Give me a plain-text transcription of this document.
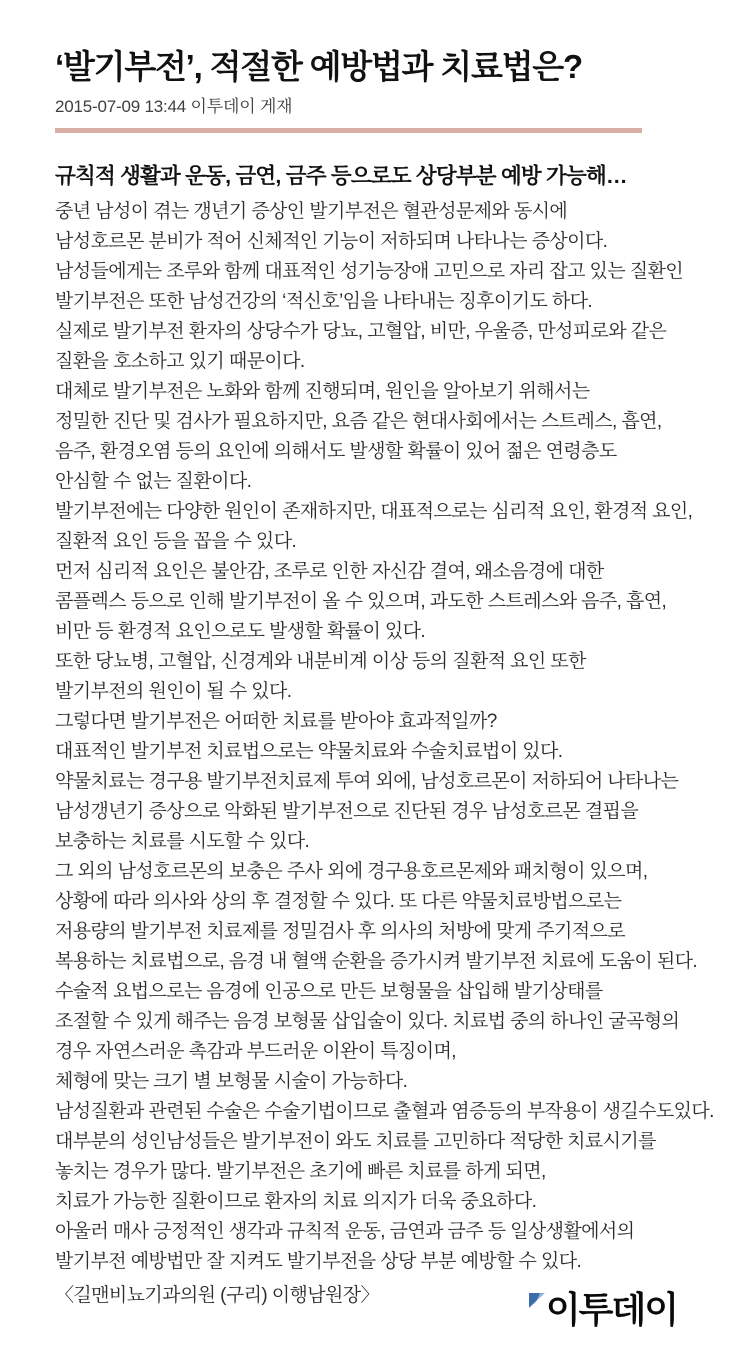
‘발기부전’, 적절한 예방법과 치료법은?
2015-07-09 13:44 이투데이 게재
규칙적 생활과 운동, 금연, 금주 등으로도 상당부분 예방 가능해…
중년 남성이 겪는 갱년기 증상인 발기부전은 혈관성문제와 동시에
남성호르몬 분비가 적어 신체적인 기능이 저하되며 나타나는 증상이다.
남성들에게는 조루와 함께 대표적인 성기능장애 고민으로 자리 잡고 있는 질환인
발기부전은 또한 남성건강의 ‘적신호’임을 나타내는 징후이기도 하다.
실제로 발기부전 환자의 상당수가 당뇨, 고혈압, 비만, 우울증, 만성피로와 같은
질환을 호소하고 있기 때문이다.
대체로 발기부전은 노화와 함께 진행되며, 원인을 알아보기 위해서는
정밀한 진단 및 검사가 필요하지만, 요즘 같은 현대사회에서는 스트레스, 흡연,
음주, 환경오염 등의 요인에 의해서도 발생할 확률이 있어 젊은 연령층도
안심할 수 없는 질환이다.
발기부전에는 다양한 원인이 존재하지만, 대표적으로는 심리적 요인, 환경적 요인,
질환적 요인 등을 꼽을 수 있다.
먼저 심리적 요인은 불안감, 조루로 인한 자신감 결여, 왜소음경에 대한
콤플렉스 등으로 인해 발기부전이 올 수 있으며, 과도한 스트레스와 음주, 흡연,
비만 등 환경적 요인으로도 발생할 확률이 있다.
또한 당뇨병, 고혈압, 신경계와 내분비계 이상 등의 질환적 요인 또한
발기부전의 원인이 될 수 있다.
그렇다면 발기부전은 어떠한 치료를 받아야 효과적일까?
대표적인 발기부전 치료법으로는 약물치료와 수술치료법이 있다.
약물치료는 경구용 발기부전치료제 투여 외에, 남성호르몬이 저하되어 나타나는
남성갱년기 증상으로 악화된 발기부전으로 진단된 경우 남성호르몬 결핍을
보충하는 치료를 시도할 수 있다.
그 외의 남성호르몬의 보충은 주사 외에 경구용호르몬제와 패치형이 있으며,
상황에 따라 의사와 상의 후 결정할 수 있다. 또 다른 약물치료방법으로는
저용량의 발기부전 치료제를 정밀검사 후 의사의 처방에 맞게 주기적으로
복용하는 치료법으로, 음경 내 혈액 순환을 증가시켜 발기부전 치료에 도움이 된다.
수술적 요법으로는 음경에 인공으로 만든 보형물을 삽입해 발기상태를
조절할 수 있게 해주는 음경 보형물 삽입술이 있다. 치료법 중의 하나인 굴곡형의
경우 자연스러운 촉감과 부드러운 이완이 특징이며,
체형에 맞는 크기 별 보형물 시술이 가능하다.
남성질환과 관련된 수술은 수술기법이므로 출혈과 염증등의 부작용이 생길수도있다.
대부분의 성인남성들은 발기부전이 와도 치료를 고민하다 적당한 치료시기를
놓치는 경우가 많다. 발기부전은 초기에 빠른 치료를 하게 되면,
치료가 가능한 질환이므로 환자의 치료 의지가 더욱 중요하다.
아울러 매사 긍정적인 생각과 규칙적 운동, 금연과 금주 등 일상생활에서의
발기부전 예방법만 잘 지켜도 발기부전을 상당 부분 예방할 수 있다.
〈길맨비뇨기과의원 (구리) 이행남원장〉	이투데이
